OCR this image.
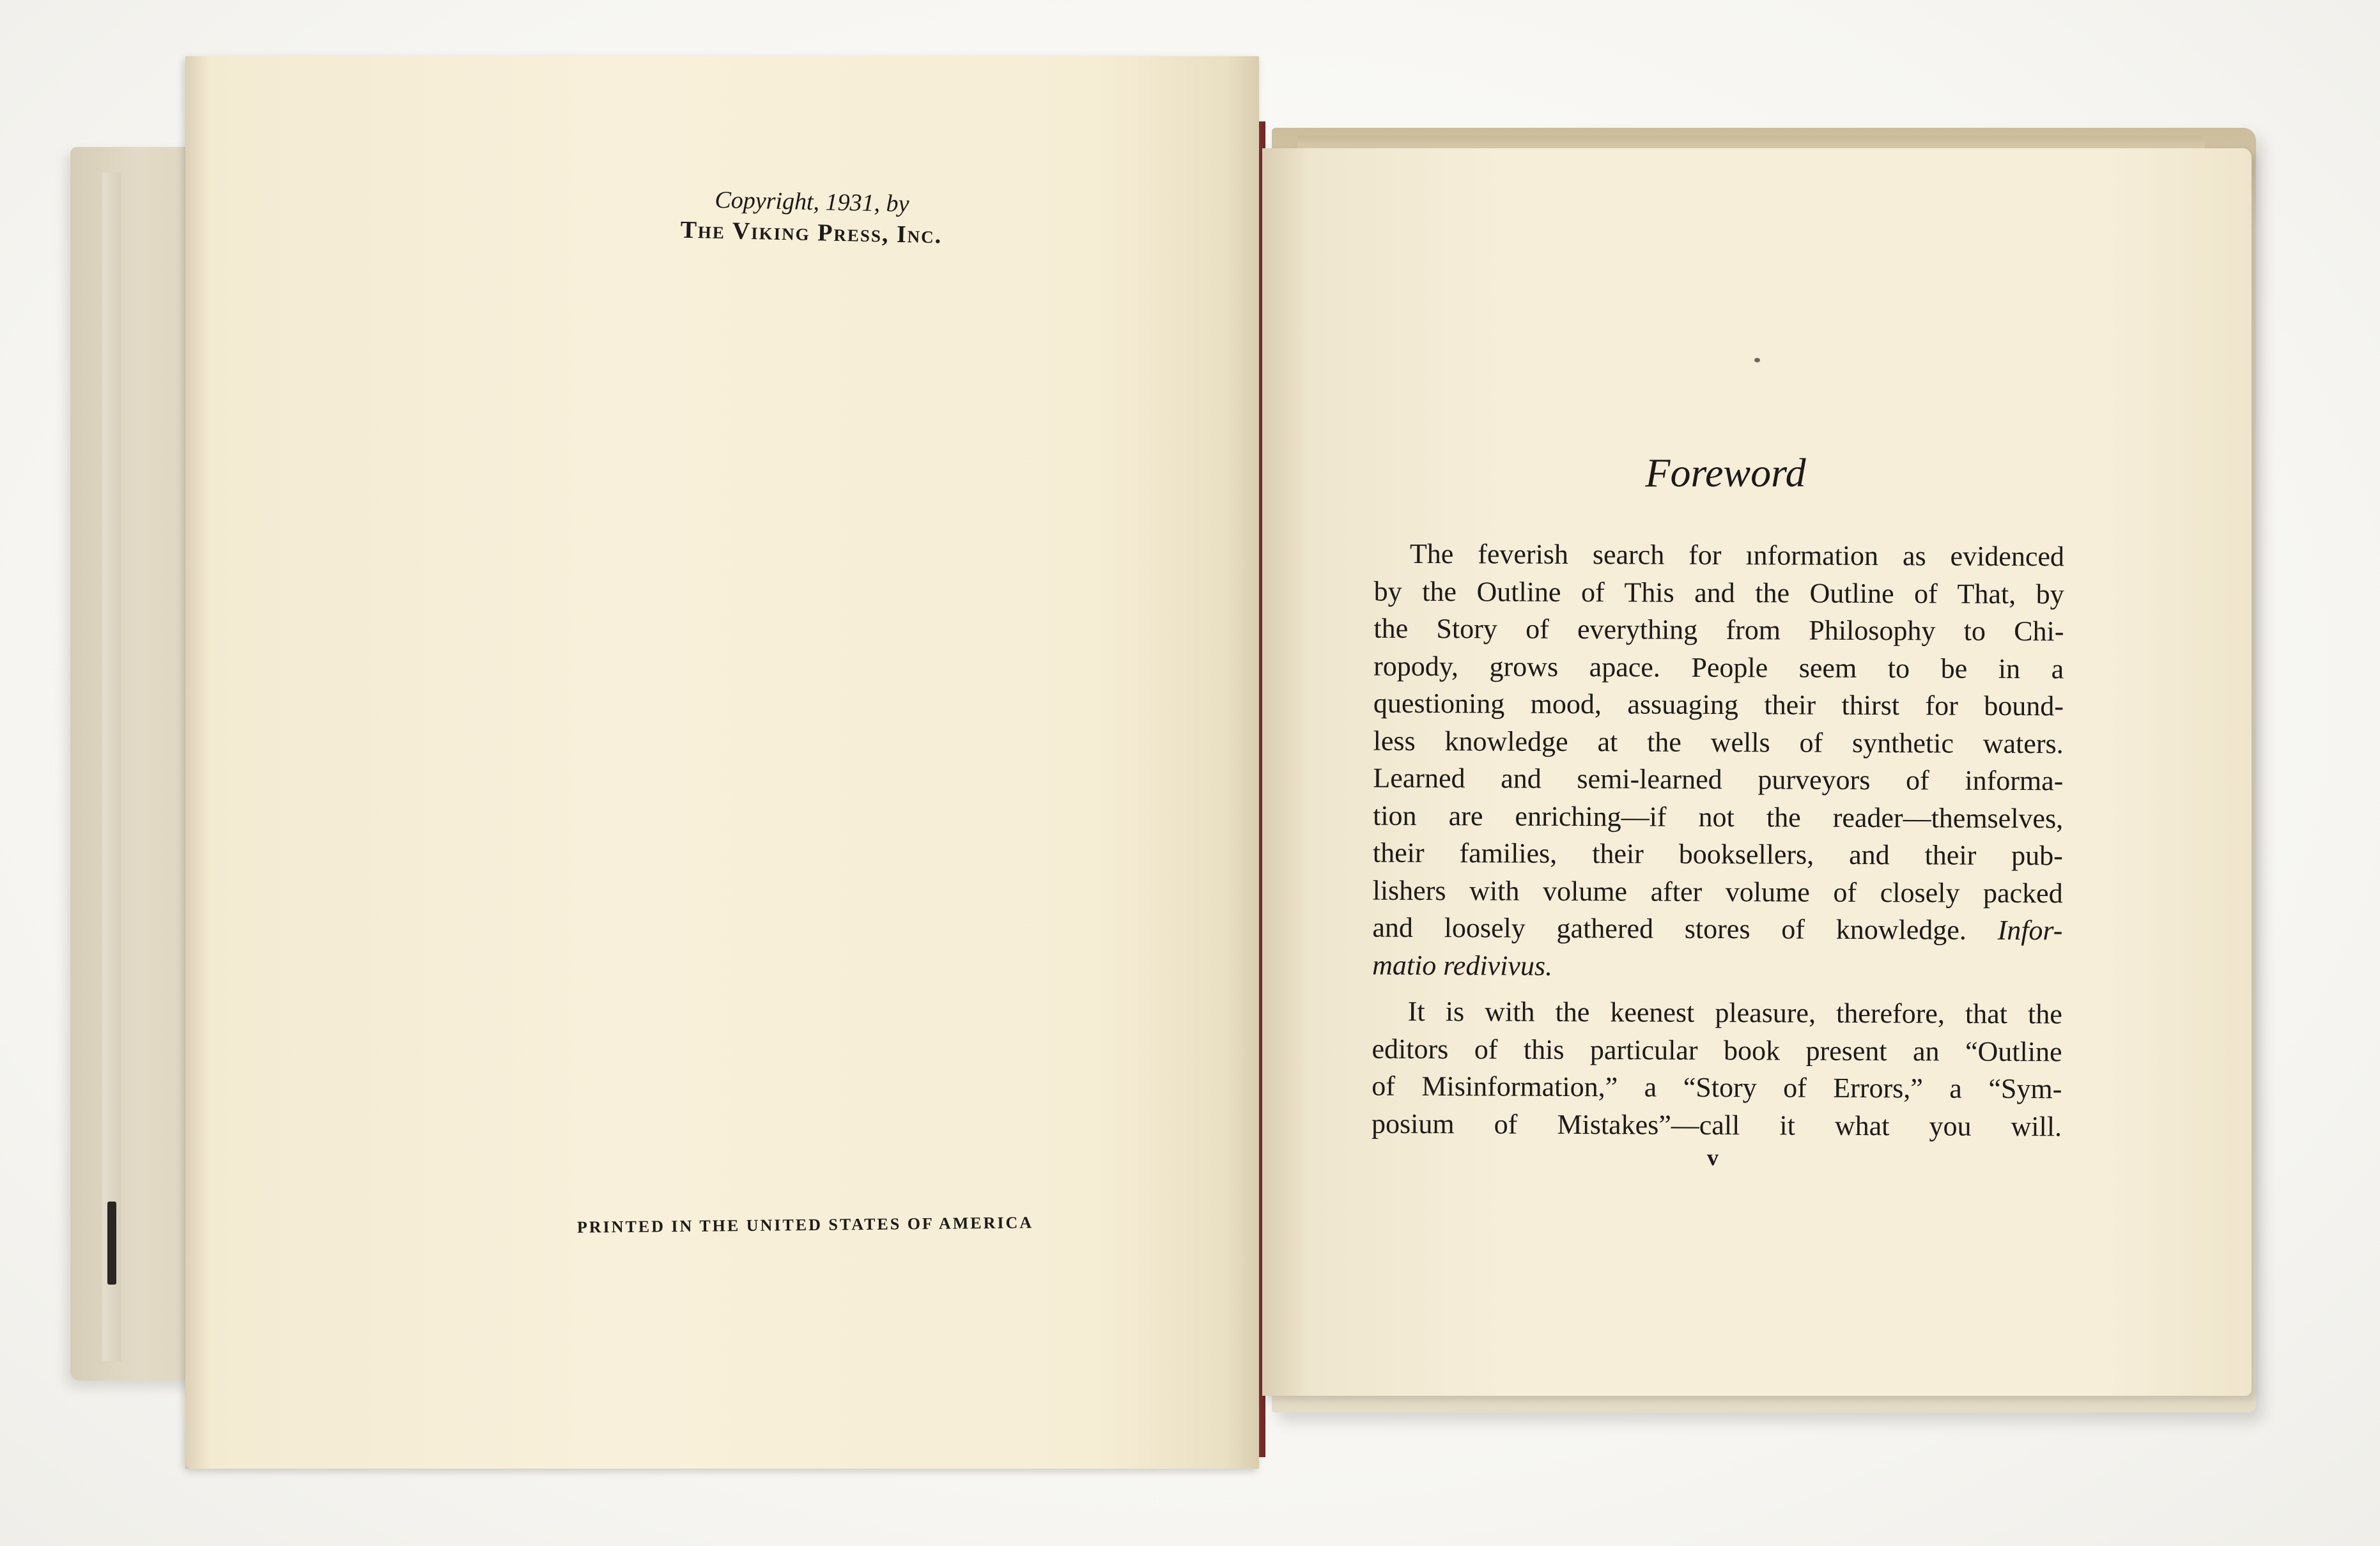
Copyright, 1931, by
The Viking Press, Inc.
PRINTED IN THE UNITED STATES OF AMERICA
Foreword
The feverish search for ınformation as evidenced
by the Outline of This and the Outline of That, by
the Story of everything from Philosophy to Chi-
ropody, grows apace. People seem to be in a
questioning mood, assuaging their thirst for bound-
less knowledge at the wells of synthetic waters.
Learned and semi-learned purveyors of informa-
tion are enriching—if not the reader—themselves,
their families, their booksellers, and their pub-
lishers with volume after volume of closely packed
and loosely gathered stores of knowledge. Infor-
matio redivivus.
It is with the keenest pleasure, therefore, that the
editors of this particular book present an “Outline
of Misinformation,” a “Story of Errors,” a “Sym-
posium of Mistakes”—call it what you will.
v
